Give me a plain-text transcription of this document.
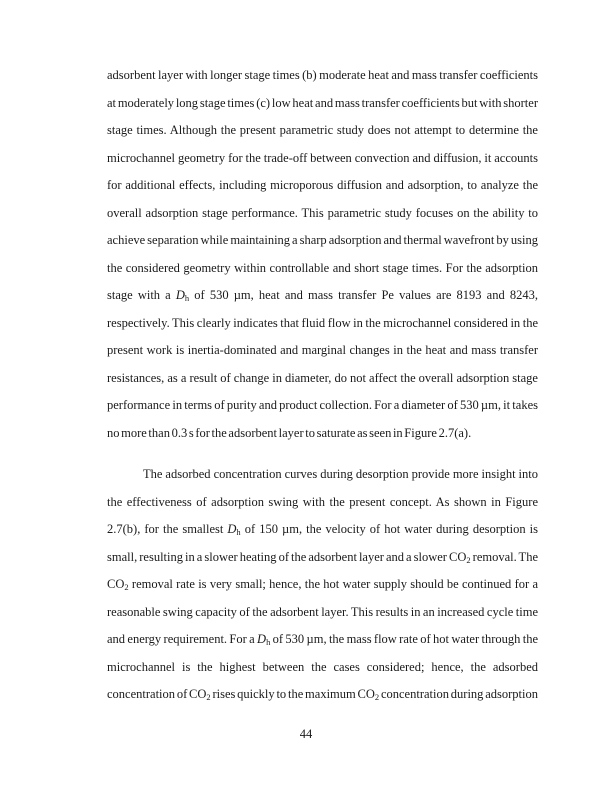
adsorbent layer with longer stage times (b) moderate heat and mass transfer coefficients
at moderately long stage times (c) low heat and mass transfer coefficients but with shorter
stage times. Although the present parametric study does not attempt to determine the
microchannel geometry for the trade-off between convection and diffusion, it accounts
for additional effects, including microporous diffusion and adsorption, to analyze the
overall adsorption stage performance. This parametric study focuses on the ability to
achieve separation while maintaining a sharp adsorption and thermal wavefront by using
the considered geometry within controllable and short stage times. For the adsorption
stage with a $D_h$ of 530 µm, heat and mass transfer Pe values are 8193 and 8243,
respectively. This clearly indicates that fluid flow in the microchannel considered in the
present work is inertia-dominated and marginal changes in the heat and mass transfer
resistances, as a result of change in diameter, do not affect the overall adsorption stage
performance in terms of purity and product collection. For a diameter of 530 µm, it takes
no more than 0.3 s for the adsorbent layer to saturate as seen in Figure 2.7(a).
The adsorbed concentration curves during desorption provide more insight into
the effectiveness of adsorption swing with the present concept. As shown in Figure
2.7(b), for the smallest $D_h$ of 150 µm, the velocity of hot water during desorption is
small, resulting in a slower heating of the adsorbent layer and a slower $CO_2$ removal. The
$CO_2$ removal rate is very small; hence, the hot water supply should be continued for a
reasonable swing capacity of the adsorbent layer. This results in an increased cycle time
and energy requirement. For a $D_h$ of 530 µm, the mass flow rate of hot water through the
microchannel is the highest between the cases considered; hence, the adsorbed
concentration of $CO_2$ rises quickly to the maximum $CO_2$ concentration during adsorption
44
